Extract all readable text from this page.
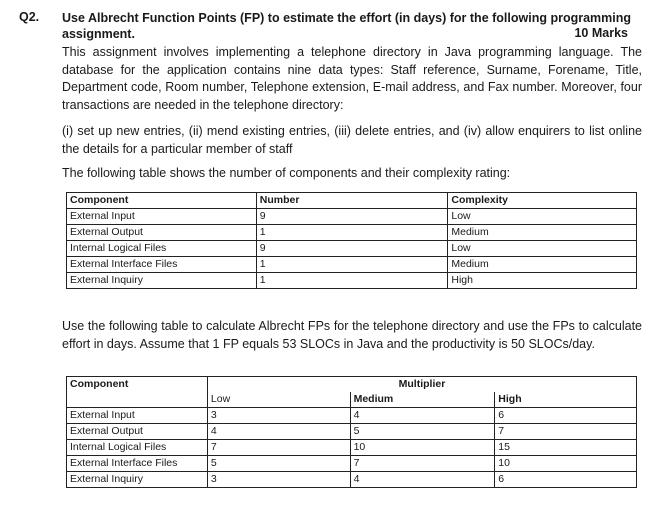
Q2. Use Albrecht Function Points (FP) to estimate the effort (in days) for the following programming assignment.	10 Marks
This assignment involves implementing a telephone directory in Java programming language. The database for the application contains nine data types: Staff reference, Surname, Forename, Title, Department code, Room number, Telephone extension, E-mail address, and Fax number. Moreover, four transactions are needed in the telephone directory:
(i) set up new entries, (ii) mend existing entries, (iii) delete entries, and (iv) allow enquirers to list online the details for a particular member of staff
The following table shows the number of components and their complexity rating:
Component	Number	Complexity
External Input	9	Low
External Output	1	Medium
Internal Logical Files	9	Low
External Interface Files	1	Medium
External Inquiry	1	High
Use the following table to calculate Albrecht FPs for the telephone directory and use the FPs to calculate effort in days. Assume that 1 FP equals 53 SLOCs in Java and the productivity is 50 SLOCs/day.
Component	Multiplier		
	Low	Medium	High
External Input	3	4	6
External Output	4	5	7
Internal Logical Files	7	10	15
External Interface Files	5	7	10
External Inquiry	3	4	6
